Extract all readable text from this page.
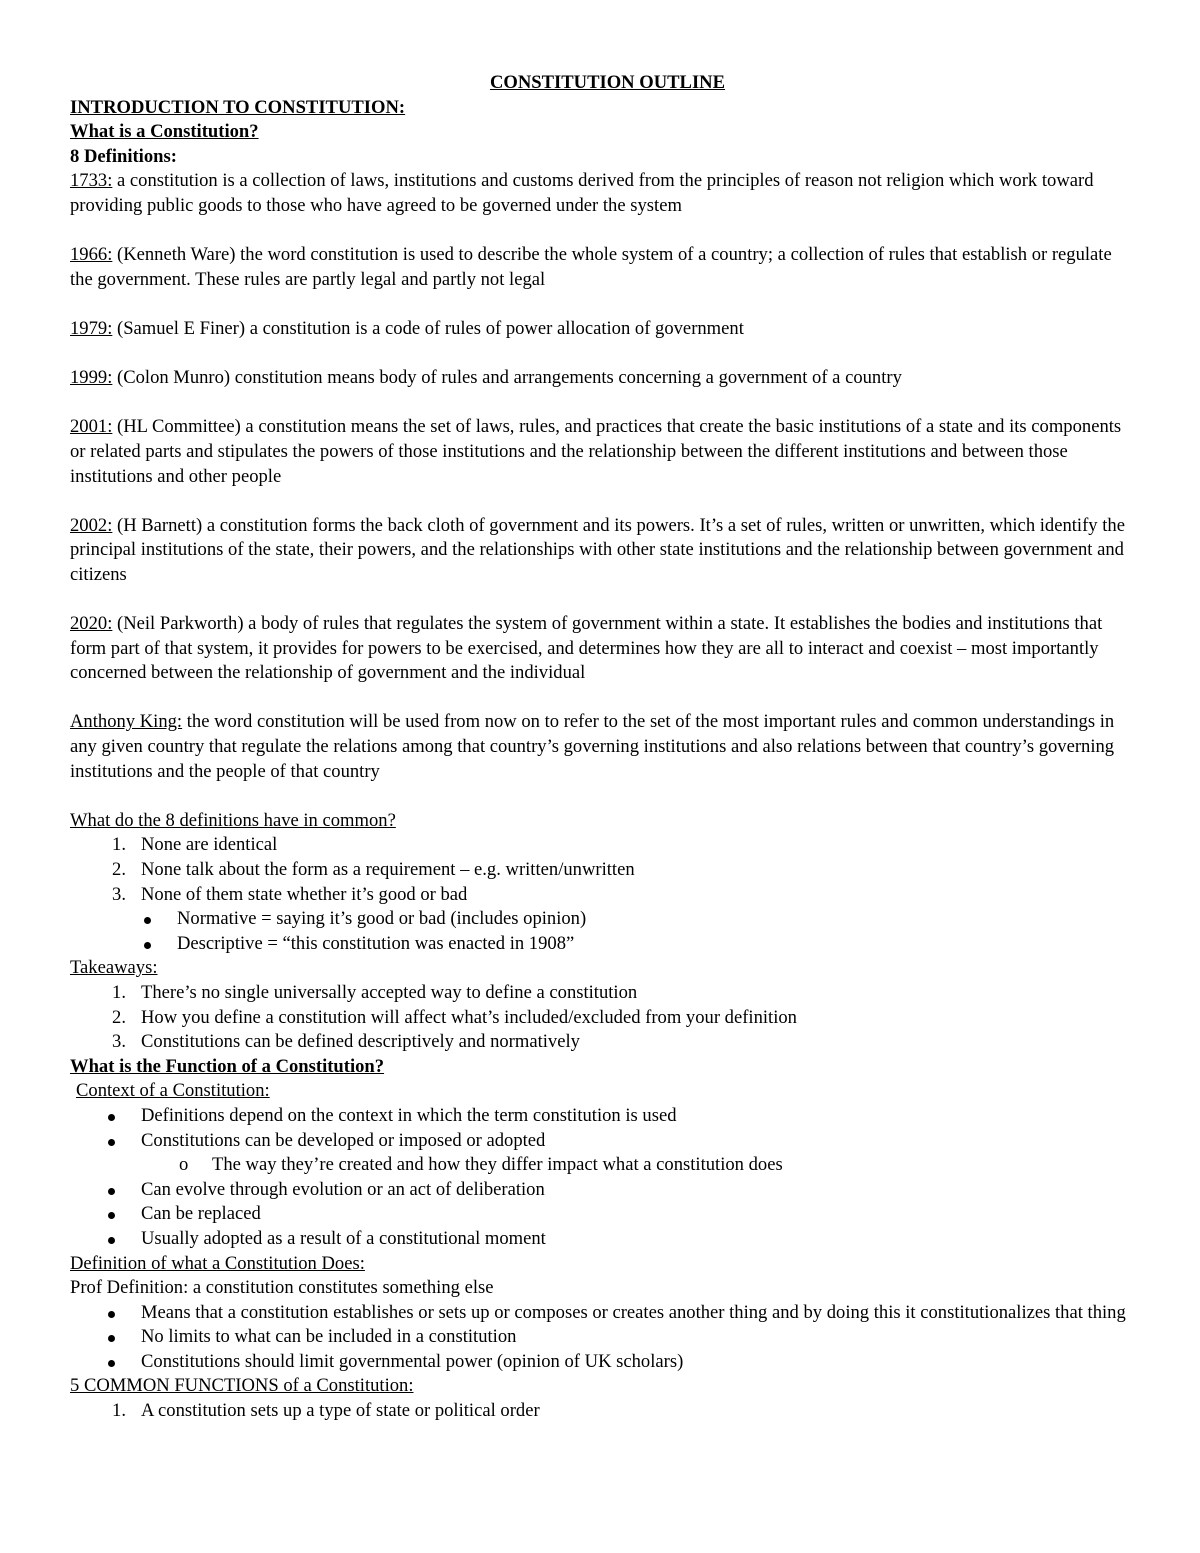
CONSTITUTION OUTLINE

INTRODUCTION TO CONSTITUTION:

What is a Constitution?

8 Definitions:

1733: a constitution is a collection of laws, institutions and customs derived from the principles of reason not religion which work toward providing public goods to those who have agreed to be governed under the system

1966: (Kenneth Ware) the word constitution is used to describe the whole system of a country; a collection of rules that establish or regulate the government. These rules are partly legal and partly not legal

1979: (Samuel E Finer) a constitution is a code of rules of power allocation of government

1999: (Colon Munro) constitution means body of rules and arrangements concerning a government of a country

2001: (HL Committee) a constitution means the set of laws, rules, and practices that create the basic institutions of a state and its components or related parts and stipulates the powers of those institutions and the relationship between the different institutions and between those institutions and other people

2002: (H Barnett) a constitution forms the back cloth of government and its powers. It’s a set of rules, written or unwritten, which identify the principal institutions of the state, their powers, and the relationships with other state institutions and the relationship between government and citizens

2020: (Neil Parkworth) a body of rules that regulates the system of government within a state. It establishes the bodies and institutions that form part of that system, it provides for powers to be exercised, and determines how they are all to interact and coexist – most importantly concerned between the relationship of government and the individual

Anthony King: the word constitution will be used from now on to refer to the set of the most important rules and common understandings in any given country that regulate the relations among that country’s governing institutions and also relations between that country’s governing institutions and the people of that country

What do the 8 definitions have in common?

1. None are identical
2. None talk about the form as a requirement – e.g. written/unwritten
3. None of them state whether it’s good or bad
Normative = saying it’s good or bad (includes opinion)
Descriptive = “this constitution was enacted in 1908”

Takeaways:

1. There’s no single universally accepted way to define a constitution
2. How you define a constitution will affect what’s included/excluded from your definition
3. Constitutions can be defined descriptively and normatively

What is the Function of a Constitution?

Context of a Constitution:

Definitions depend on the context in which the term constitution is used
Constitutions can be developed or imposed or adopted
o The way they’re created and how they differ impact what a constitution does
Can evolve through evolution or an act of deliberation
Can be replaced
Usually adopted as a result of a constitutional moment

Definition of what a Constitution Does:

Prof Definition: a constitution constitutes something else

Means that a constitution establishes or sets up or composes or creates another thing and by doing this it constitutionalizes that thing
No limits to what can be included in a constitution
Constitutions should limit governmental power (opinion of UK scholars)

5 COMMON FUNCTIONS of a Constitution:

1. A constitution sets up a type of state or political order
